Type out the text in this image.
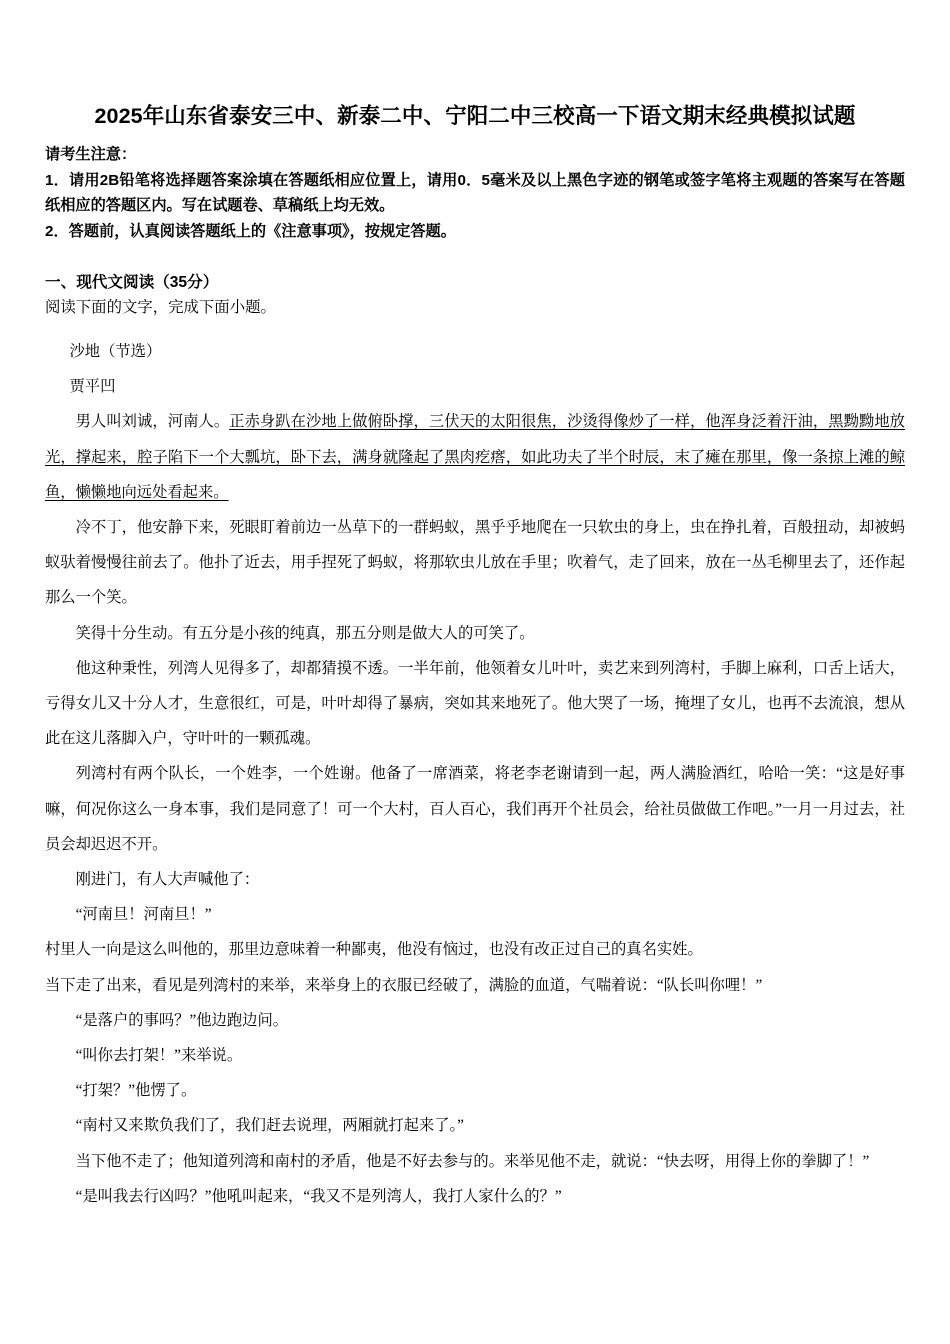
2025年山东省泰安三中、新泰二中、宁阳二中三校高一下语文期末经典模拟试题

请考生注意：

1．请用2B铅笔将选择题答案涂填在答题纸相应位置上，请用0．5毫米及以上黑色字迹的钢笔或签字笔将主观题的答案写在答题纸相应的答题区内。写在试题卷、草稿纸上均无效。

2．答题前，认真阅读答题纸上的《注意事项》，按规定答题。

一、现代文阅读（35分）

阅读下面的文字，完成下面小题。

沙地（节选）

贾平凹

男人叫刘诚，河南人。正赤身趴在沙地上做俯卧撑，三伏天的太阳很焦，沙烫得像炒了一样，他浑身泛着汗油，黑黝黝地放光，撑起来，腔子陷下一个大瓢坑，卧下去，满身就隆起了黑肉疙瘩，如此功夫了半个时辰，末了瘫在那里，像一条掠上滩的鲸鱼，懒懒地向远处看起来。

冷不丁，他安静下来，死眼盯着前边一丛草下的一群蚂蚁，黑乎乎地爬在一只软虫的身上，虫在挣扎着，百般扭动，却被蚂蚁驮着慢慢往前去了。他扑了近去，用手捏死了蚂蚁，将那软虫儿放在手里；吹着气，走了回来，放在一丛毛柳里去了，还作起那么一个笑。

笑得十分生动。有五分是小孩的纯真，那五分则是做大人的可笑了。

他这种秉性，列湾人见得多了，却都猜摸不透。一半年前，他领着女儿叶叶，卖艺来到列湾村，手脚上麻利，口舌上话大，亏得女儿又十分人才，生意很红，可是，叶叶却得了暴病，突如其来地死了。他大哭了一场，掩埋了女儿，也再不去流浪，想从此在这儿落脚入户，守叶叶的一颗孤魂。

列湾村有两个队长，一个姓李，一个姓谢。他备了一席酒菜，将老李老谢请到一起，两人满脸酒红，哈哈一笑：“这是好事嘛，何况你这么一身本事，我们是同意了！可一个大村，百人百心，我们再开个社员会，给社员做做工作吧。”一月一月过去，社员会却迟迟不开。

刚进门，有人大声喊他了：

“河南旦！河南旦！”

村里人一向是这么叫他的，那里边意味着一种鄙夷，他没有恼过，也没有改正过自己的真名实姓。

当下走了出来，看见是列湾村的来举，来举身上的衣服已经破了，满脸的血道，气喘着说：“队长叫你哩！”

“是落户的事吗？”他边跑边问。

“叫你去打架！”来举说。

“打架？”他愣了。

“南村又来欺负我们了，我们赶去说理，两厢就打起来了。”

当下他不走了；他知道列湾和南村的矛盾，他是不好去参与的。来举见他不走，就说：“快去呀，用得上你的拳脚了！”

“是叫我去行凶吗？”他吼叫起来，“我又不是列湾人，我打人家什么的？”
